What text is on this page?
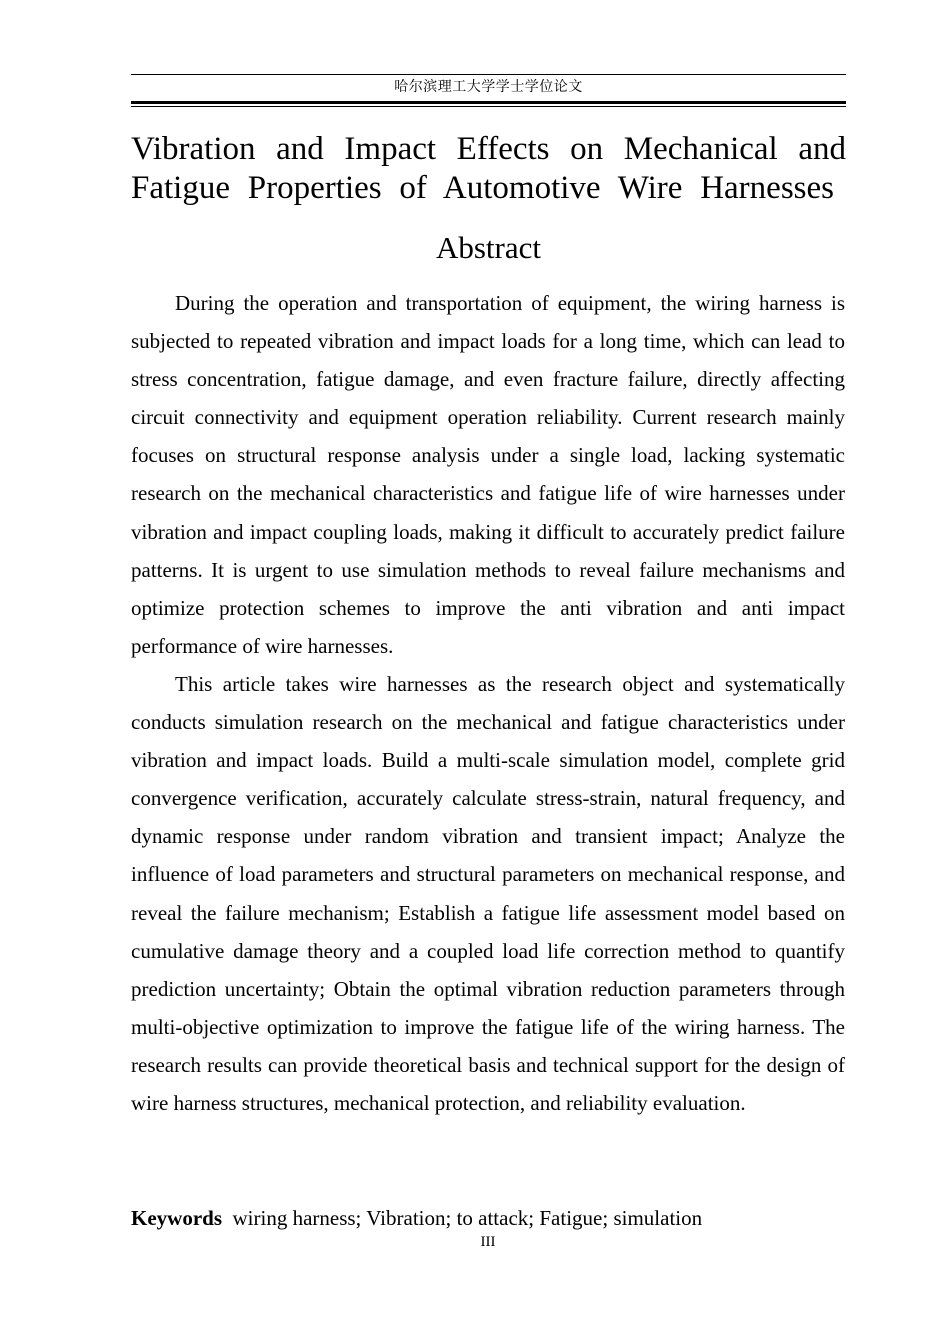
哈尔滨理工大学学士学位论文
Vibration and Impact Effects on Mechanical and
Fatigue Properties of Automotive Wire Harnesses
Abstract

During the operation and transportation of equipment, the wiring harness is subjected to repeated vibration and impact loads for a long time, which can lead to stress concentration, fatigue damage, and even fracture failure, directly affecting circuit connectivity and equipment operation reliability. Current research mainly focuses on structural response analysis under a single load, lacking systematic research on the mechanical characteristics and fatigue life of wire harnesses under vibration and impact coupling loads, making it difficult to accurately predict failure patterns. It is urgent to use simulation methods to reveal failure mechanisms and optimize protection schemes to improve the anti vibration and anti impact performance of wire harnesses.

This article takes wire harnesses as the research object and systematically conducts simulation research on the mechanical and fatigue characteristics under vibration and impact loads. Build a multi-scale simulation model, complete grid convergence verification, accurately calculate stress-strain, natural frequency, and dynamic response under random vibration and transient impact; Analyze the influence of load parameters and structural parameters on mechanical response, and reveal the failure mechanism; Establish a fatigue life assessment model based on cumulative damage theory and a coupled load life correction method to quantify prediction uncertainty; Obtain the optimal vibration reduction parameters through multi-objective optimization to improve the fatigue life of the wiring harness. The research results can provide theoretical basis and technical support for the design of wire harness structures, mechanical protection, and reliability evaluation.

Keywords wiring harness; Vibration; to attack; Fatigue; simulation
III
